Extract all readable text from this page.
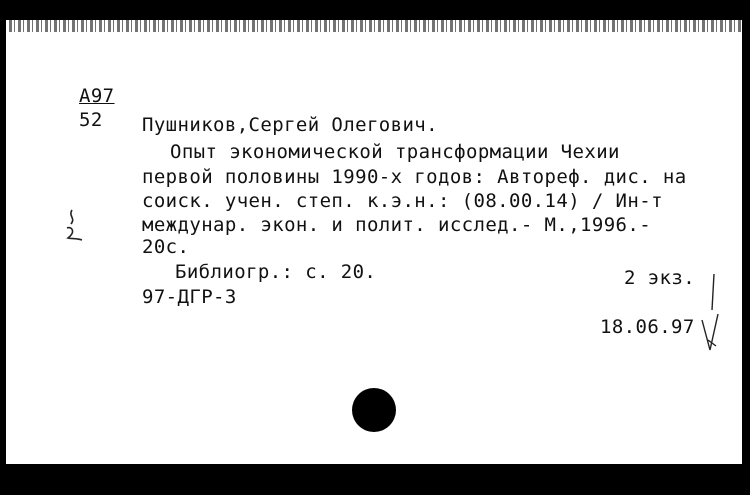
А97
52 Пушников,Сергей Олегович.
Опыт экономической трансформации Чехии
первой половины 1990-х годов: Автореф. дис. на
соиск. учен. степ. к.э.н.: (08.00.14) / Ин-т
междунар. экон. и полит. исслед.- М.,1996.-
20с.
Библиогр.: с. 20.	2 экз.
97-ДГР-3
18.06.97
